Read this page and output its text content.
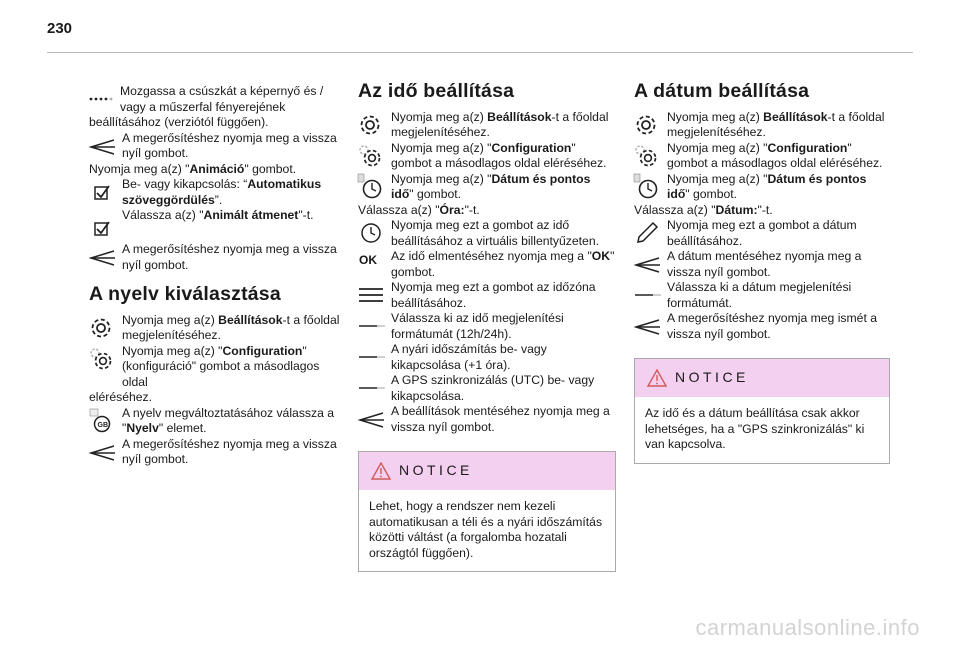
230
Mozgassa a csúszkát a képernyő és / vagy a műszerfal fényerejének
beállításához (verziótól függően).
A megerősítéshez nyomja meg a vissza nyíl gombot.
Nyomja meg a(z) "Animáció" gombot.
Be- vagy kikapcsolás: “Automatikus szöveggördülés”.
Válassza a(z) "Animált átmenet"-t.
A megerősítéshez nyomja meg a vissza nyíl gombot.
A nyelv kiválasztása
Nyomja meg a(z) Beállítások-t a főoldal megjelenítéséhez.
Nyomja meg a(z) "Configuration" (konfiguráció" gombot a másodlagos oldal
eléréséhez.
A nyelv megváltoztatásához válassza a "Nyelv" elemet.
A megerősítéshez nyomja meg a vissza nyíl gombot.
Az idő beállítása
Nyomja meg a(z) Beállítások-t a főoldal megjelenítéséhez.
Nyomja meg a(z) "Configuration" gombot a másodlagos oldal eléréséhez.
Nyomja meg a(z) "Dátum és pontos idő" gombot.
Válassza a(z) "Óra:"-t.
Nyomja meg ezt a gombot az idő beállításához a virtuális billentyűzeten.
OK Az idő elmentéséhez nyomja meg a "OK" gombot.
Nyomja meg ezt a gombot az időzóna beállításához.
Válassza ki az idő megjelenítési formátumát (12h/24h).
A nyári időszámítás be- vagy kikapcsolása (+1 óra).
A GPS szinkronizálás (UTC) be- vagy kikapcsolása.
A beállítások mentéséhez nyomja meg a vissza nyíl gombot.
NOTICE
Lehet, hogy a rendszer nem kezeli automatikusan a téli és a nyári időszámítás közötti váltást (a forgalomba hozatali országtól függően).
A dátum beállítása
Nyomja meg a(z) Beállítások-t a főoldal megjelenítéséhez.
Nyomja meg a(z) "Configuration" gombot a másodlagos oldal eléréséhez.
Nyomja meg a(z) "Dátum és pontos idő" gombot.
Válassza a(z) "Dátum:"-t.
Nyomja meg ezt a gombot a dátum beállításához.
A dátum mentéséhez nyomja meg a vissza nyíl gombot.
Válassza ki a dátum megjelenítési formátumát.
A megerősítéshez nyomja meg ismét a vissza nyíl gombot.
NOTICE
Az idő és a dátum beállítása csak akkor lehetséges, ha a "GPS szinkronizálás" ki van kapcsolva.
carmanualsonline.info
